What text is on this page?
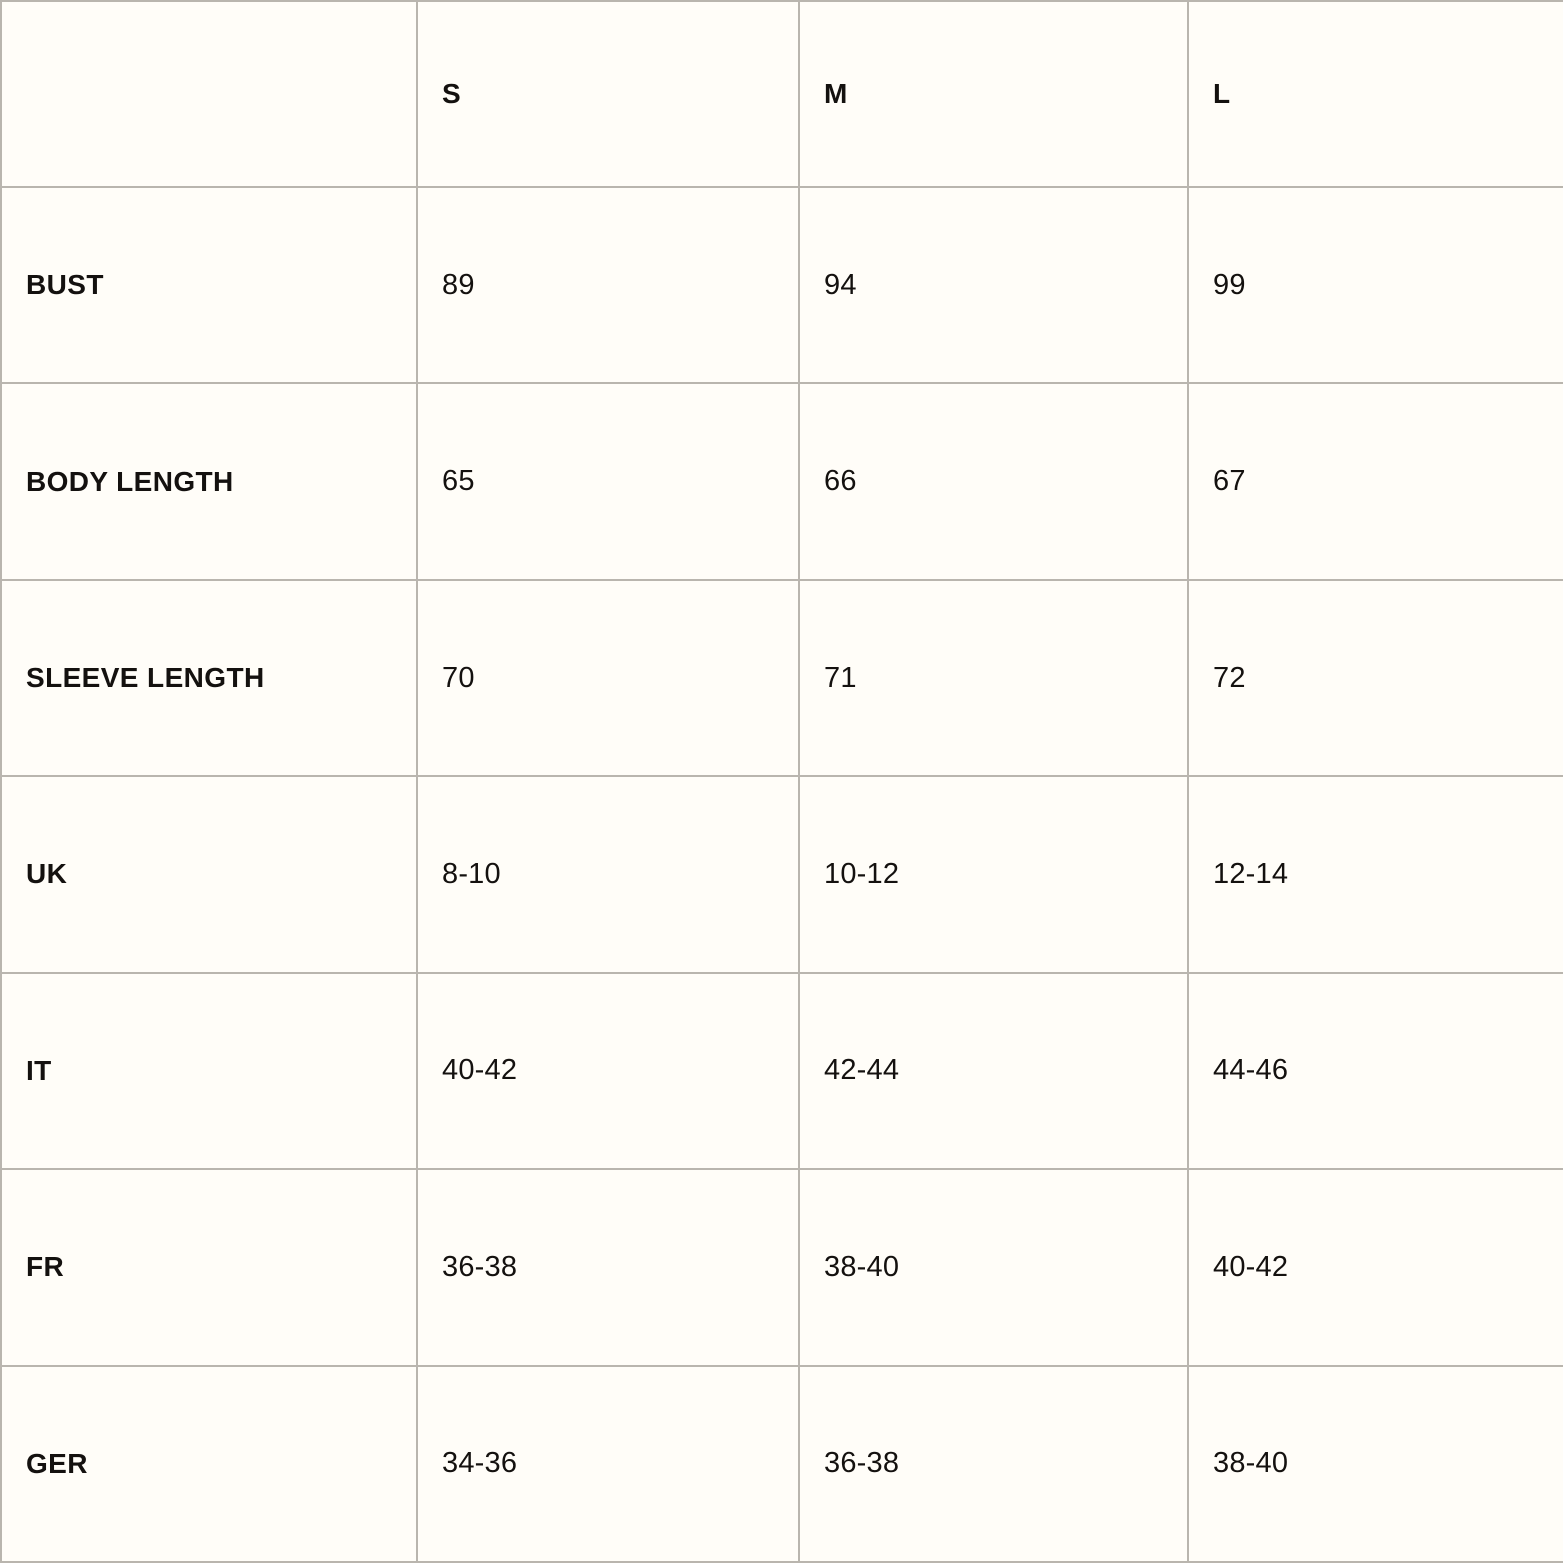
	S	M	L
BUST	89	94	99
BODY LENGTH	65	66	67
SLEEVE LENGTH	70	71	72
UK	8-10	10-12	12-14
IT	40-42	42-44	44-46
FR	36-38	38-40	40-42
GER	34-36	36-38	38-40
